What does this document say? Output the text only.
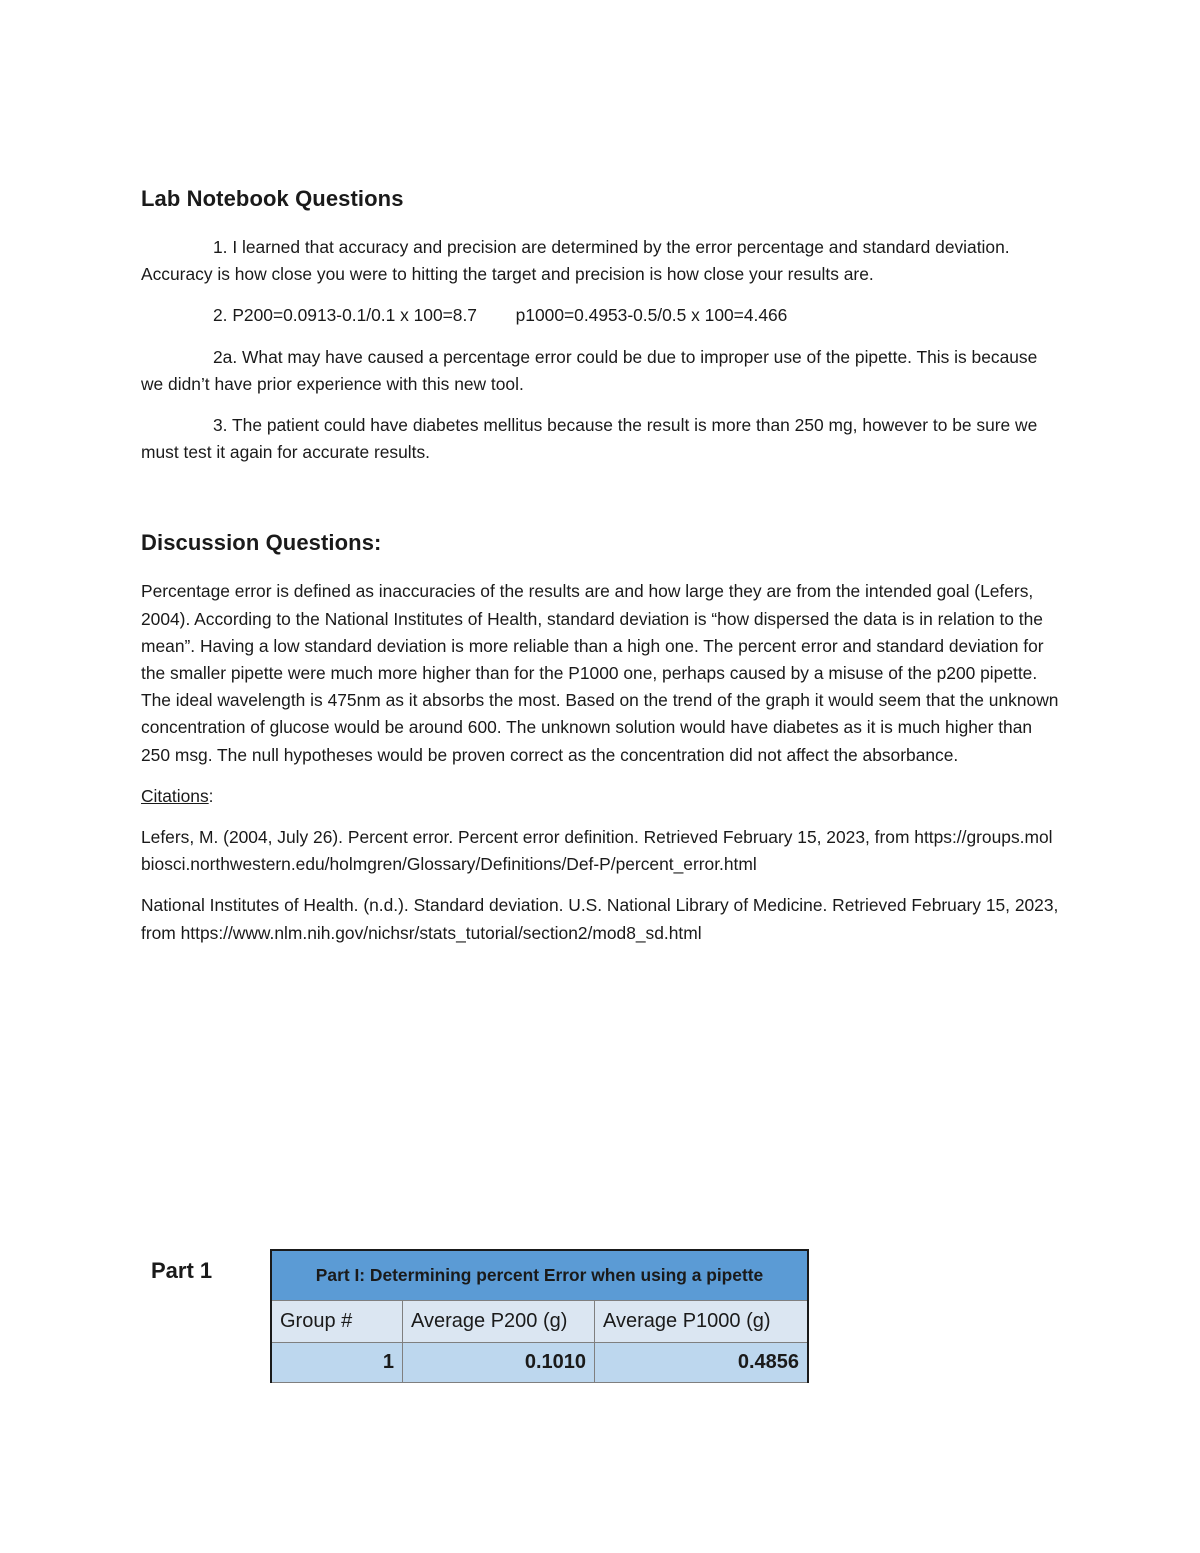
Lab Notebook Questions

1. I learned that accuracy and precision are determined by the error percentage and standard deviation. Accuracy is how close you were to hitting the target and precision is how close your results are.

2. P200=0.0913-0.1/0.1 x 100=8.7        p1000=0.4953-0.5/0.5 x 100=4.466

2a. What may have caused a percentage error could be due to improper use of the pipette. This is because we didn’t have prior experience with this new tool.

3. The patient could have diabetes mellitus because the result is more than 250 mg, however to be sure we must test it again for accurate results.

Discussion Questions:

Percentage error is defined as inaccuracies of the results are and how large they are from the intended goal (Lefers, 2004). According to the National Institutes of Health, standard deviation is “how dispersed the data is in relation to the mean”. Having a low standard deviation is more reliable than a high one. The percent error and standard deviation for the smaller pipette were much more higher than for the P1000 one, perhaps caused by a misuse of the p200 pipette. The ideal wavelength is 475nm as it absorbs the most. Based on the trend of the graph it would seem that the unknown concentration of glucose would be around 600. The unknown solution would have diabetes as it is much higher than 250 msg. The null hypotheses would be proven correct as the concentration did not affect the absorbance.

Citations:

Lefers, M. (2004, July 26). Percent error. Percent error definition. Retrieved February 15, 2023, from https://groups.molbiosci.northwestern.edu/holmgren/Glossary/Definitions/Def-P/percent_error.html

National Institutes of Health. (n.d.). Standard deviation. U.S. National Library of Medicine. Retrieved February 15, 2023, from https://www.nlm.nih.gov/nichsr/stats_tutorial/section2/mod8_sd.html

Part 1	Part I: Determining percent Error when using a pipette		
Group #	Average P200 (g)	Average P1000 (g)
1	0.1010	0.4856
